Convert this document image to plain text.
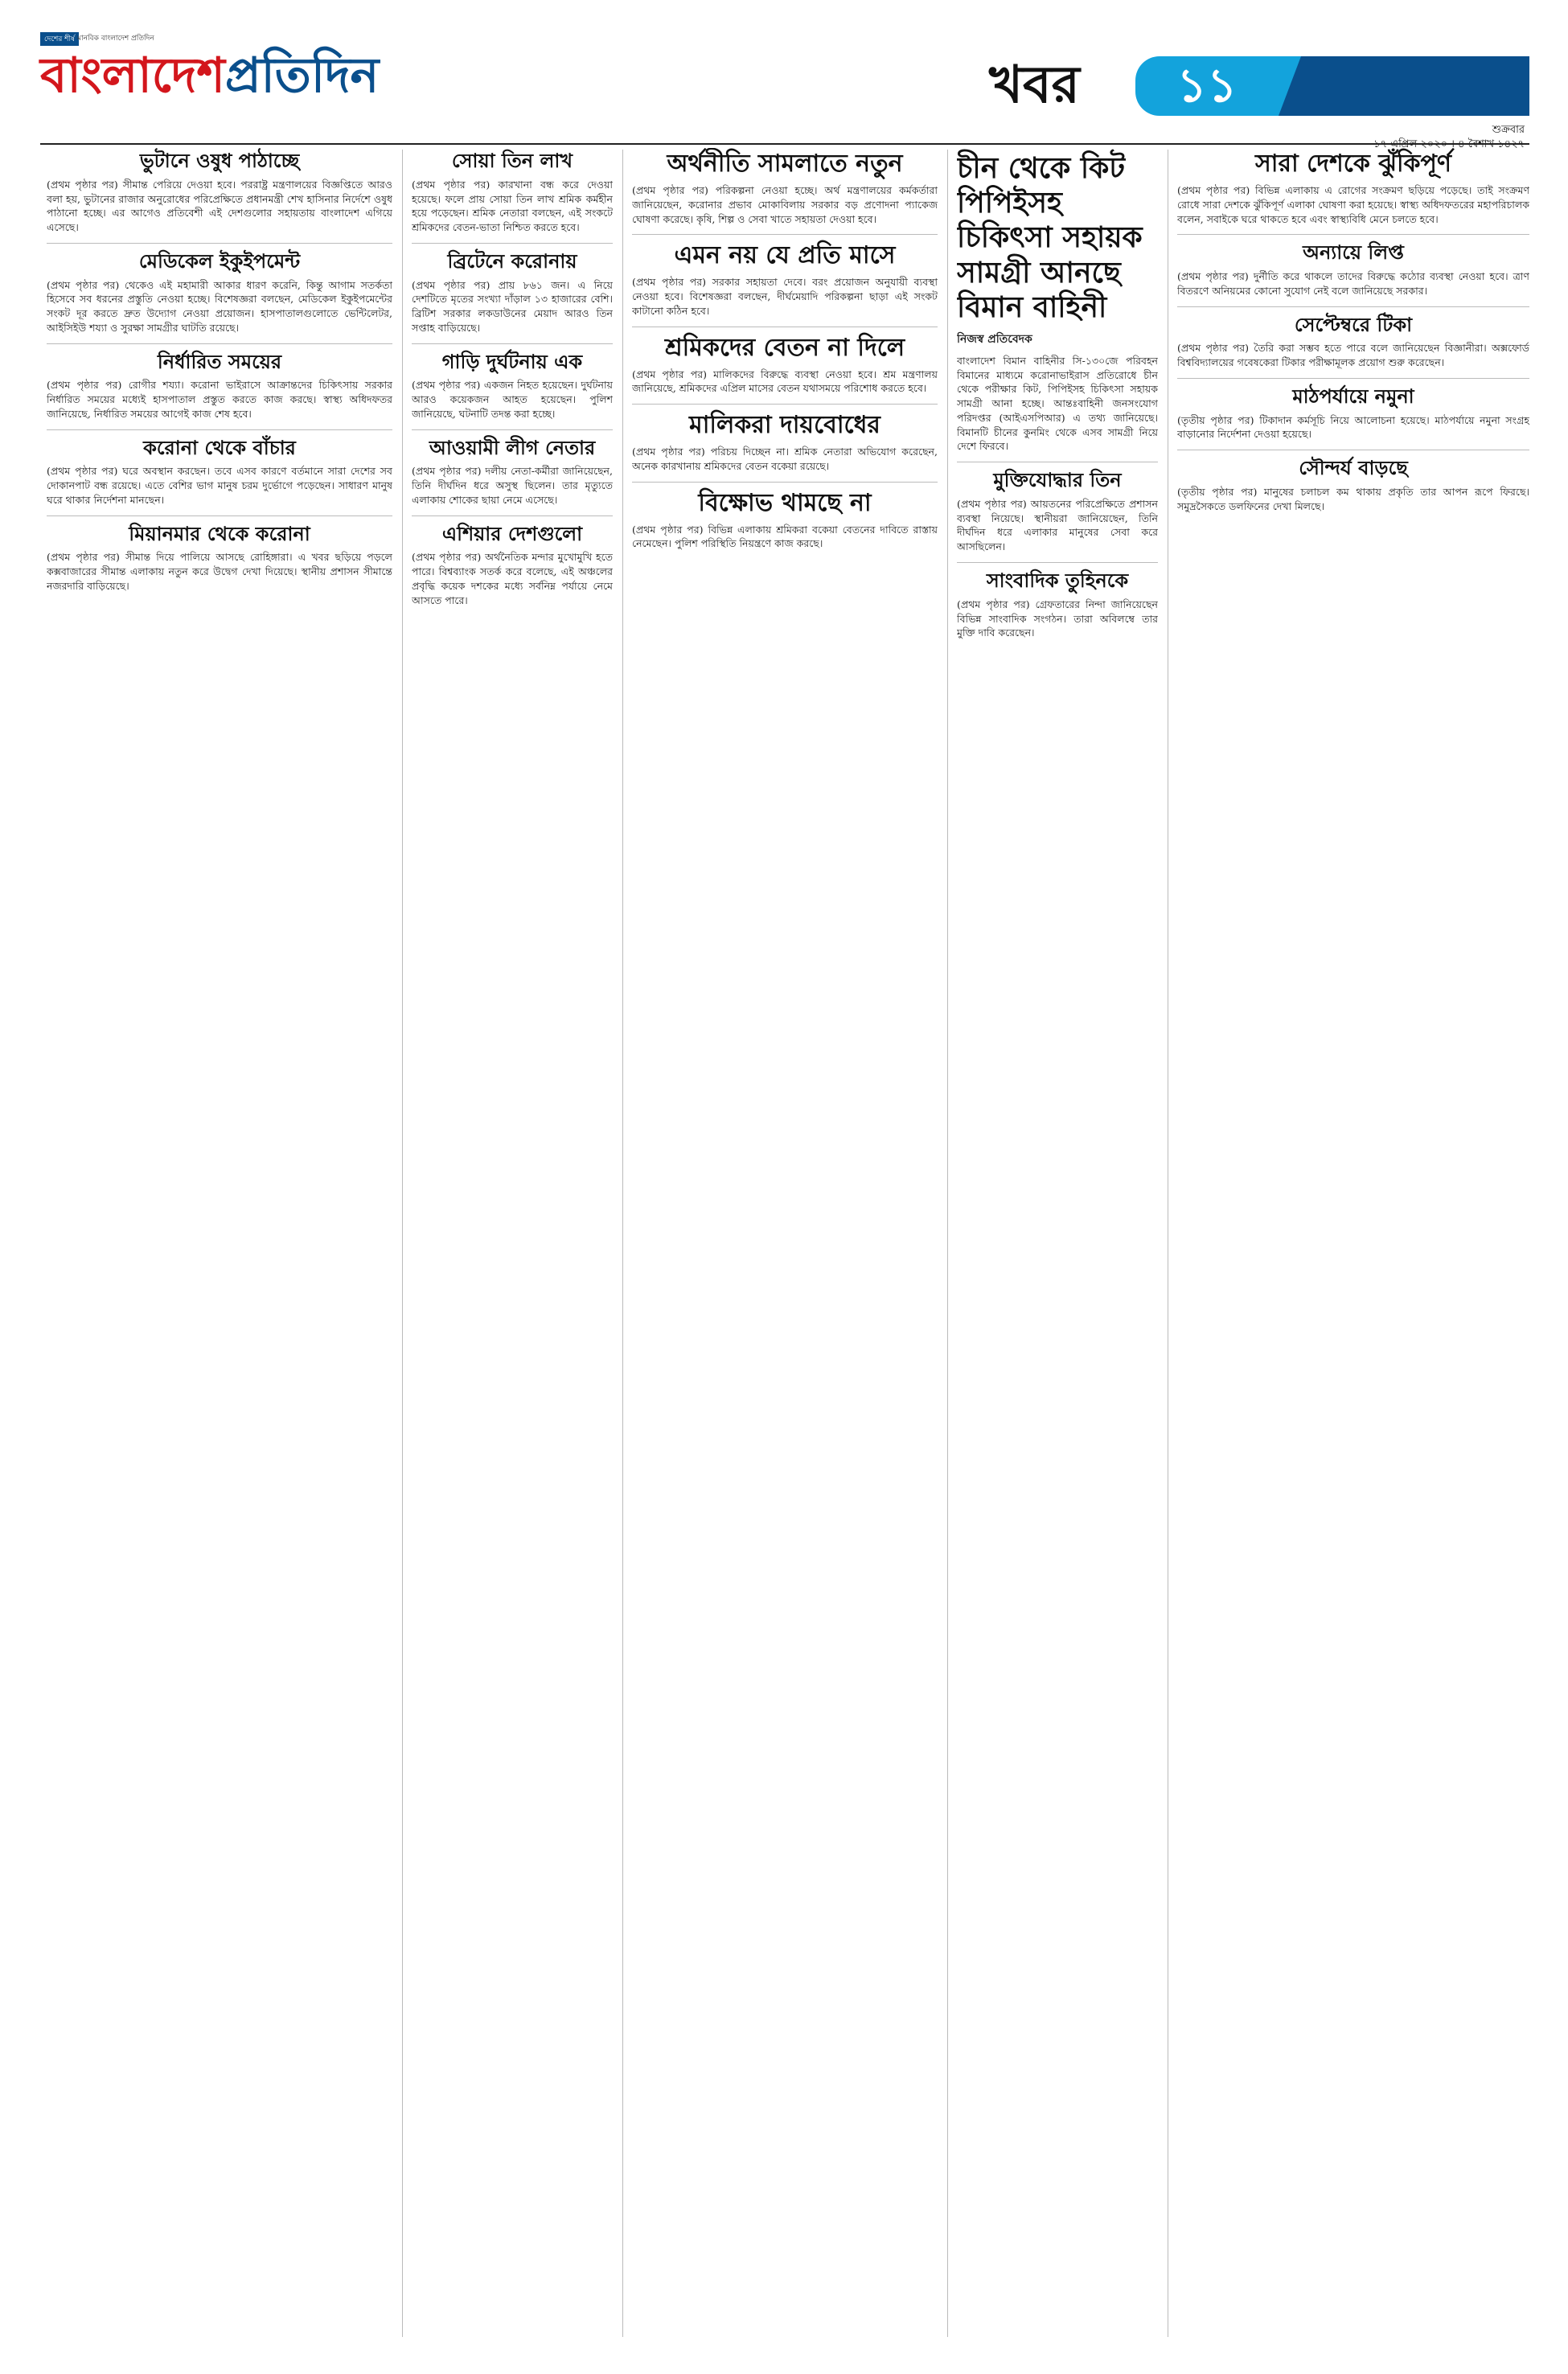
দেশের শীর্ষ মানবিক বাংলাদেশ প্রতিদিন
বাংলাদেশপ্রতিদিন	খবর	১১
শুক্রবার
ভুটানে ওষুধ পাঠাচ্ছে

(প্রথম পৃষ্ঠার পর) সীমান্ত পেরিয়ে দেওয়া হবে। পররাষ্ট্র মন্ত্রণালয়ের বিজ্ঞপ্তিতে আরও বলা হয়, ভুটানের রাজার অনুরোধের পরিপ্রেক্ষিতে প্রধানমন্ত্রী শেখ হাসিনার নির্দেশে ওষুধ পাঠানো হচ্ছে। এর আগেও প্রতিবেশী এই দেশগুলোর সহায়তায় বাংলাদেশ এগিয়ে এসেছে।

মেডিকেল ইকুইপমেন্ট

(প্রথম পৃষ্ঠার পর) থেকেও এই মহামারী আকার ধারণ করেনি, কিন্তু আগাম সতর্কতা হিসেবে সব ধরনের প্রস্তুতি নেওয়া হচ্ছে। বিশেষজ্ঞরা বলছেন, মেডিকেল ইকুইপমেন্টের সংকট দূর করতে দ্রুত উদ্যোগ নেওয়া প্রয়োজন। হাসপাতালগুলোতে ভেন্টিলেটর, আইসিইউ শয্যা ও সুরক্ষা সামগ্রীর ঘাটতি রয়েছে।

নির্ধারিত সময়ের

(প্রথম পৃষ্ঠার পর) রোগীর শয্যা। করোনা ভাইরাসে আক্রান্তদের চিকিৎসায় সরকার নির্ধারিত সময়ের মধ্যেই হাসপাতাল প্রস্তুত করতে কাজ করছে। স্বাস্থ্য অধিদফতর জানিয়েছে, নির্ধারিত সময়ের আগেই কাজ শেষ হবে।

করোনা থেকে বাঁচার

(প্রথম পৃষ্ঠার পর) ঘরে অবস্থান করছেন। তবে এসব কারণে বর্তমানে সারা দেশের সব দোকানপাট বন্ধ রয়েছে। এতে বেশির ভাগ মানুষ চরম দুর্ভোগে পড়েছেন। সাধারণ মানুষ ঘরে থাকার নির্দেশনা মানছেন।

মিয়ানমার থেকে করোনা

(প্রথম পৃষ্ঠার পর) সীমান্ত দিয়ে পালিয়ে আসছে রোহিঙ্গারা। এ খবর ছড়িয়ে পড়লে কক্সবাজারের সীমান্ত এলাকায় নতুন করে উদ্বেগ দেখা দিয়েছে। স্থানীয় প্রশাসন সীমান্তে নজরদারি বাড়িয়েছে।

সোয়া তিন লাখ

(প্রথম পৃষ্ঠার পর) কারখানা বন্ধ করে দেওয়া হয়েছে। ফলে প্রায় সোয়া তিন লাখ শ্রমিক কর্মহীন হয়ে পড়েছেন। শ্রমিক নেতারা বলছেন, এই সংকটে শ্রমিকদের বেতন-ভাতা নিশ্চিত করতে হবে।

ব্রিটেনে করোনায়

(প্রথম পৃষ্ঠার পর) প্রায় ৮৬১ জন। এ নিয়ে দেশটিতে মৃতের সংখ্যা দাঁড়াল ১৩ হাজারের বেশি। ব্রিটিশ সরকার লকডাউনের মেয়াদ আরও তিন সপ্তাহ বাড়িয়েছে।

গাড়ি দুর্ঘটনায় এক

(প্রথম পৃষ্ঠার পর) একজন নিহত হয়েছেন। দুর্ঘটনায় আরও কয়েকজন আহত হয়েছেন। পুলিশ জানিয়েছে, ঘটনাটি তদন্ত করা হচ্ছে।

আওয়ামী লীগ নেতার

(প্রথম পৃষ্ঠার পর) দলীয় নেতা-কর্মীরা জানিয়েছেন, তিনি দীর্ঘদিন ধরে অসুস্থ ছিলেন। তার মৃত্যুতে এলাকায় শোকের ছায়া নেমে এসেছে।

এশিয়ার দেশগুলো

(প্রথম পৃষ্ঠার পর) অর্থনৈতিক মন্দার মুখোমুখি হতে পারে। বিশ্বব্যাংক সতর্ক করে বলেছে, এই অঞ্চলের প্রবৃদ্ধি কয়েক দশকের মধ্যে সর্বনিম্ন পর্যায়ে নেমে আসতে পারে।

অর্থনীতি সামলাতে নতুন

(প্রথম পৃষ্ঠার পর) পরিকল্পনা নেওয়া হচ্ছে। অর্থ মন্ত্রণালয়ের কর্মকর্তারা জানিয়েছেন, করোনার প্রভাব মোকাবিলায় সরকার বড় প্রণোদনা প্যাকেজ ঘোষণা করেছে। কৃষি, শিল্প ও সেবা খাতে সহায়তা দেওয়া হবে।

এমন নয় যে প্রতি মাসে

(প্রথম পৃষ্ঠার পর) সরকার সহায়তা দেবে। বরং প্রয়োজন অনুযায়ী ব্যবস্থা নেওয়া হবে। বিশেষজ্ঞরা বলছেন, দীর্ঘমেয়াদি পরিকল্পনা ছাড়া এই সংকট কাটানো কঠিন হবে।

শ্রমিকদের বেতন না দিলে

(প্রথম পৃষ্ঠার পর) মালিকদের বিরুদ্ধে ব্যবস্থা নেওয়া হবে। শ্রম মন্ত্রণালয় জানিয়েছে, শ্রমিকদের এপ্রিল মাসের বেতন যথাসময়ে পরিশোধ করতে হবে।

মালিকরা দায়বোধের

(প্রথম পৃষ্ঠার পর) পরিচয় দিচ্ছেন না। শ্রমিক নেতারা অভিযোগ করেছেন, অনেক কারখানায় শ্রমিকদের বেতন বকেয়া রয়েছে।

বিক্ষোভ থামছে না

(প্রথম পৃষ্ঠার পর) বিভিন্ন এলাকায় শ্রমিকরা বকেয়া বেতনের দাবিতে রাস্তায় নেমেছেন। পুলিশ পরিস্থিতি নিয়ন্ত্রণে কাজ করছে।

চীন থেকে কিট পিপিইসহ চিকিৎসা সহায়ক সামগ্রী আনছে বিমান বাহিনী
নিজস্ব প্রতিবেদক

বাংলাদেশ বিমান বাহিনীর সি-১৩০জে পরিবহন বিমানের মাধ্যমে করোনাভাইরাস প্রতিরোধে চীন থেকে পরীক্ষার কিট, পিপিইসহ চিকিৎসা সহায়ক সামগ্রী আনা হচ্ছে। আন্তঃবাহিনী জনসংযোগ পরিদপ্তর (আইএসপিআর) এ তথ্য জানিয়েছে। বিমানটি চীনের কুনমিং থেকে এসব সামগ্রী নিয়ে দেশে ফিরবে।

মুক্তিযোদ্ধার তিন

(প্রথম পৃষ্ঠার পর) আয়তনের পরিপ্রেক্ষিতে প্রশাসন ব্যবস্থা নিয়েছে। স্থানীয়রা জানিয়েছেন, তিনি দীর্ঘদিন ধরে এলাকার মানুষের সেবা করে আসছিলেন।

সাংবাদিক তুহিনকে

(প্রথম পৃষ্ঠার পর) গ্রেফতারের নিন্দা জানিয়েছেন বিভিন্ন সাংবাদিক সংগঠন। তারা অবিলম্বে তার মুক্তি দাবি করেছেন।

সারা দেশকে ঝুঁকিপূর্ণ

(প্রথম পৃষ্ঠার পর) বিভিন্ন এলাকায় এ রোগের সংক্রমণ ছড়িয়ে পড়েছে। তাই সংক্রমণ রোধে সারা দেশকে ঝুঁকিপূর্ণ এলাকা ঘোষণা করা হয়েছে। স্বাস্থ্য অধিদফতরের মহাপরিচালক বলেন, সবাইকে ঘরে থাকতে হবে এবং স্বাস্থ্যবিধি মেনে চলতে হবে।

অন্যায়ে লিপ্ত

(প্রথম পৃষ্ঠার পর) দুর্নীতি করে থাকলে তাদের বিরুদ্ধে কঠোর ব্যবস্থা নেওয়া হবে। ত্রাণ বিতরণে অনিয়মের কোনো সুযোগ নেই বলে জানিয়েছে সরকার।

সেপ্টেম্বরে টিকা

(প্রথম পৃষ্ঠার পর) তৈরি করা সম্ভব হতে পারে বলে জানিয়েছেন বিজ্ঞানীরা। অক্সফোর্ড বিশ্ববিদ্যালয়ের গবেষকেরা টিকার পরীক্ষামূলক প্রয়োগ শুরু করেছেন।

মাঠপর্যায়ে নমুনা

(তৃতীয় পৃষ্ঠার পর) টিকাদান কর্মসূচি নিয়ে আলোচনা হয়েছে। মাঠপর্যায়ে নমুনা সংগ্রহ বাড়ানোর নির্দেশনা দেওয়া হয়েছে।

সৌন্দর্য বাড়ছে

(তৃতীয় পৃষ্ঠার পর) মানুষের চলাচল কম থাকায় প্রকৃতি তার আপন রূপে ফিরছে। সমুদ্রসৈকতে ডলফিনের দেখা মিলছে।
